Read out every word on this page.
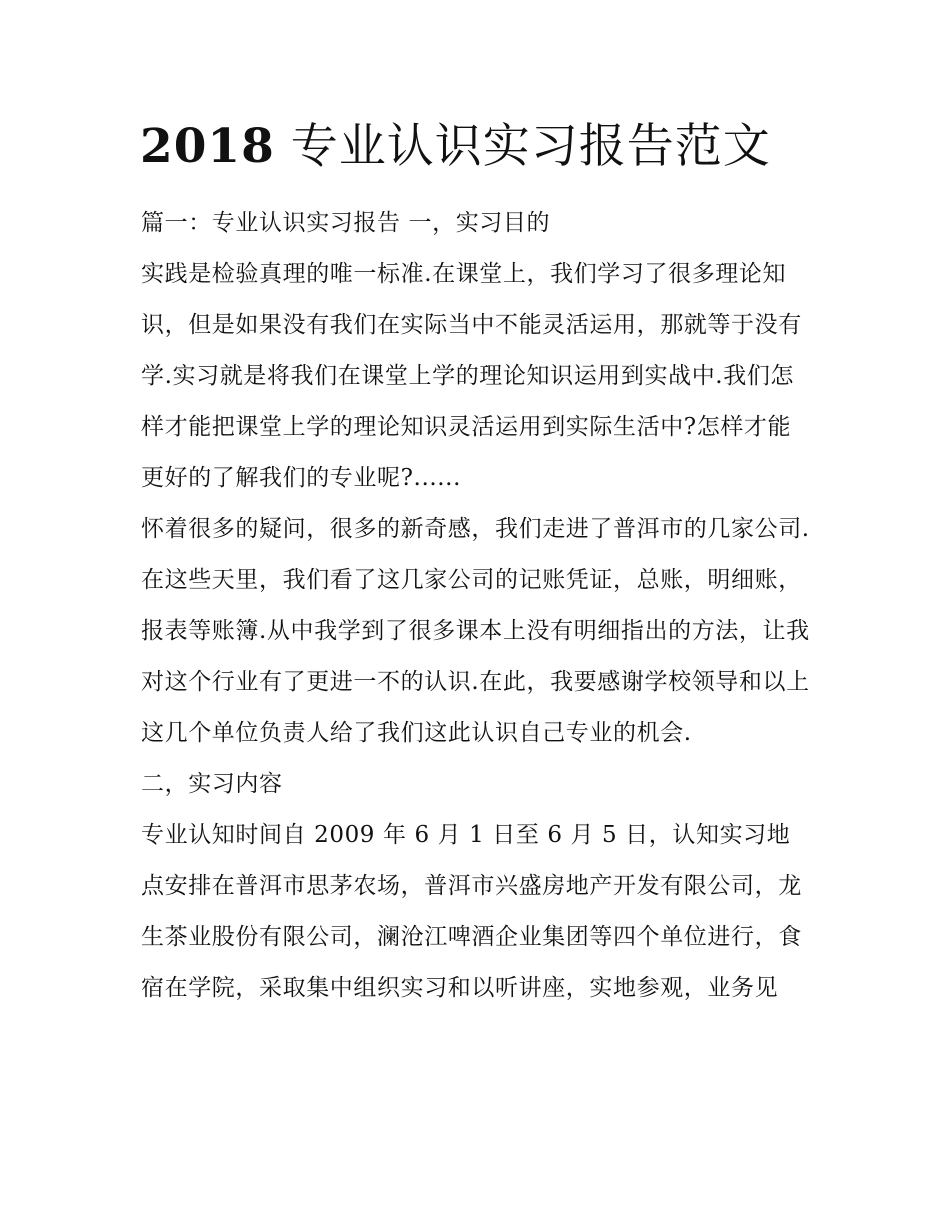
2018 专业认识实习报告范文

篇一：专业认识实习报告 一，实习目的

实践是检验真理的唯一标准.在课堂上，我们学习了很多理论知识，但是如果没有我们在实际当中不能灵活运用，那就等于没有学.实习就是将我们在课堂上学的理论知识运用到实战中.我们怎样才能把课堂上学的理论知识灵活运用到实际生活中?怎样才能更好的了解我们的专业呢?......

怀着很多的疑问，很多的新奇感，我们走进了普洱市的几家公司.

在这些天里，我们看了这几家公司的记账凭证，总账，明细账，报表等账簿.从中我学到了很多课本上没有明细指出的方法，让我对这个行业有了更进一不的认识.在此，我要感谢学校领导和以上这几个单位负责人给了我们这此认识自己专业的机会.

二，实习内容

专业认知时间自 2009 年 6 月 1 日至 6 月 5 日，认知实习地点安排在普洱市思茅农场，普洱市兴盛房地产开发有限公司，龙生茶业股份有限公司，澜沧江啤酒企业集团等四个单位进行，食宿在学院，采取集中组织实习和以听讲座，实地参观，业务见
